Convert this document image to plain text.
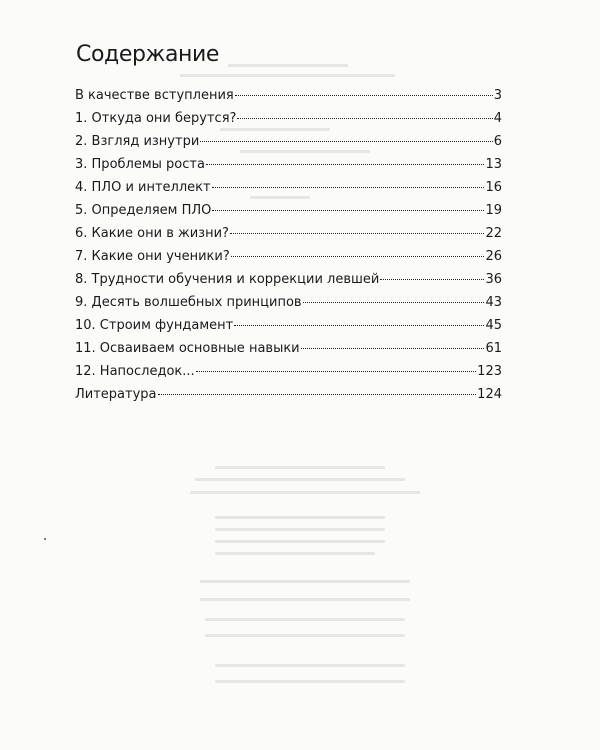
Содержание
В качестве вступления	3
1. Откуда они берутся?	4
2. Взгляд изнутри	6
3. Проблемы роста	13
4. ПЛО и интеллект	16
5. Определяем ПЛО	19
6. Какие они в жизни?	22
7. Какие они ученики?	26
8. Трудности обучения и коррекции левшей	36
9. Десять волшебных принципов	43
10. Строим фундамент	45
11. Осваиваем основные навыки	61
12. Напоследок...	123
Литература	124
